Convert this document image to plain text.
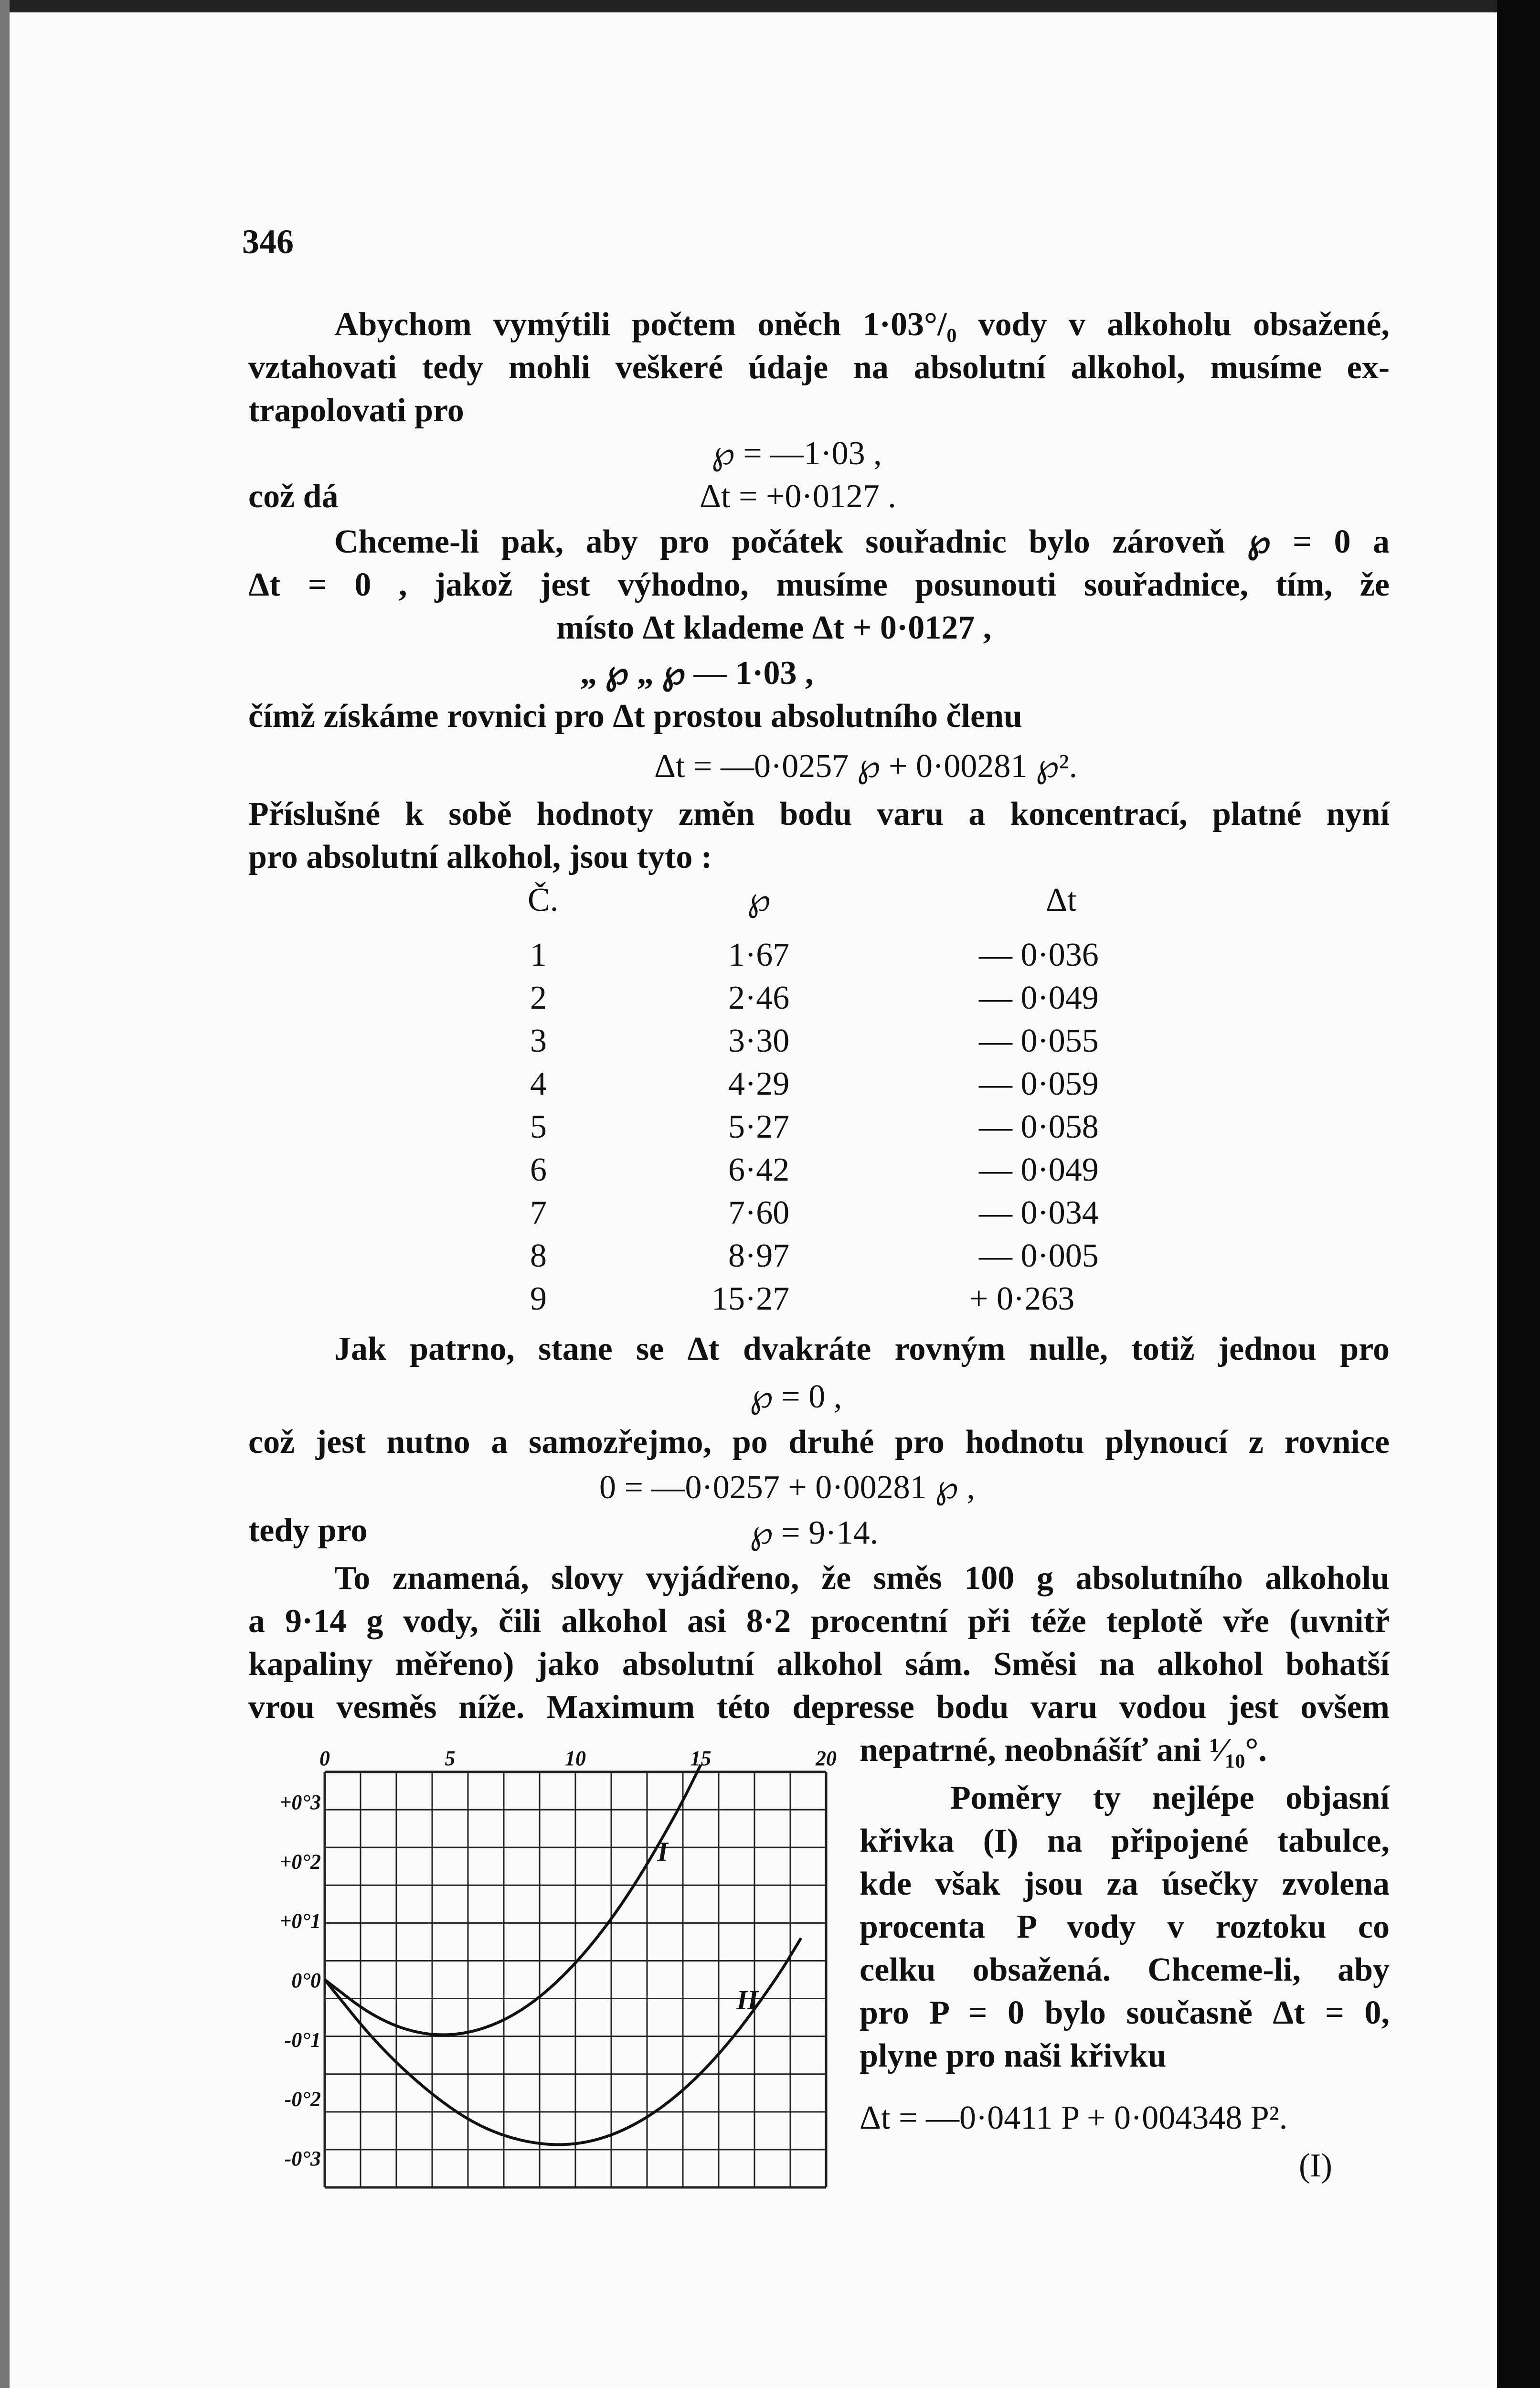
346
Abychom vymýtili počtem oněch 1·03°/₀ vody v alkoholu obsažené,
vztahovati tedy mohli veškeré údaje na absolutní alkohol, musíme ex-
trapolovati pro
℘ = —1·03 ,
což dá	Δt = +0·0127 .
Chceme-li pak, aby pro počátek souřadnic bylo zároveň ℘ = 0 a
Δt = 0 , jakož jest výhodno, musíme posunouti souřadnice, tím, že
místo Δt klademe Δt + 0·0127 ,
„ ℘ „ ℘ — 1·03 ,
čímž získáme rovnici pro Δt prostou absolutního členu
Δt = —0·0257 ℘ + 0·00281 ℘².
Příslušné k sobě hodnoty změn bodu varu a koncentrací, platné nyní
pro absolutní alkohol, jsou tyto :
Č.	℘	Δt
1	1·67	— 0·036
2	2·46	— 0·049
3	3·30	— 0·055
4	4·29	— 0·059
5	5·27	— 0·058
6	6·42	— 0·049
7	7·60	— 0·034
8	8·97	— 0·005
9	15·27	+ 0·263
Jak patrno, stane se Δt dvakráte rovným nulle, totiž jednou pro
℘ = 0 ,
což jest nutno a samozřejmo, po druhé pro hodnotu plynoucí z rovnice
0 = —0·0257 + 0·00281 ℘ ,
tedy pro	℘ = 9·14.
To znamená, slovy vyjádřeno, že směs 100 g absolutního alkoholu
a 9·14 g vody, čili alkohol asi 8·2 procentní při téže teplotě vře (uvnitř
kapaliny měřeno) jako absolutní alkohol sám. Směsi na alkohol bohatší
vrou vesměs níže. Maximum této depresse bodu varu vodou jest ovšem
nepatrné, neobnášíť ani ¹⁄₁₀°.
Poměry ty nejlépe objasní
křivka (I) na připojené tabulce,
kde však jsou za úsečky zvolena
procenta P vody v roztoku co
celku obsažená. Chceme-li, aby
pro P = 0 bylo současně Δt = 0,
plyne pro naši křivku
Δt = —0·0411 P + 0·004348 P².
(I)
0	5	10	15	20
+0°3
+0°2
+0°1
0°0
-0°1
-0°2
-0°3
I
II
